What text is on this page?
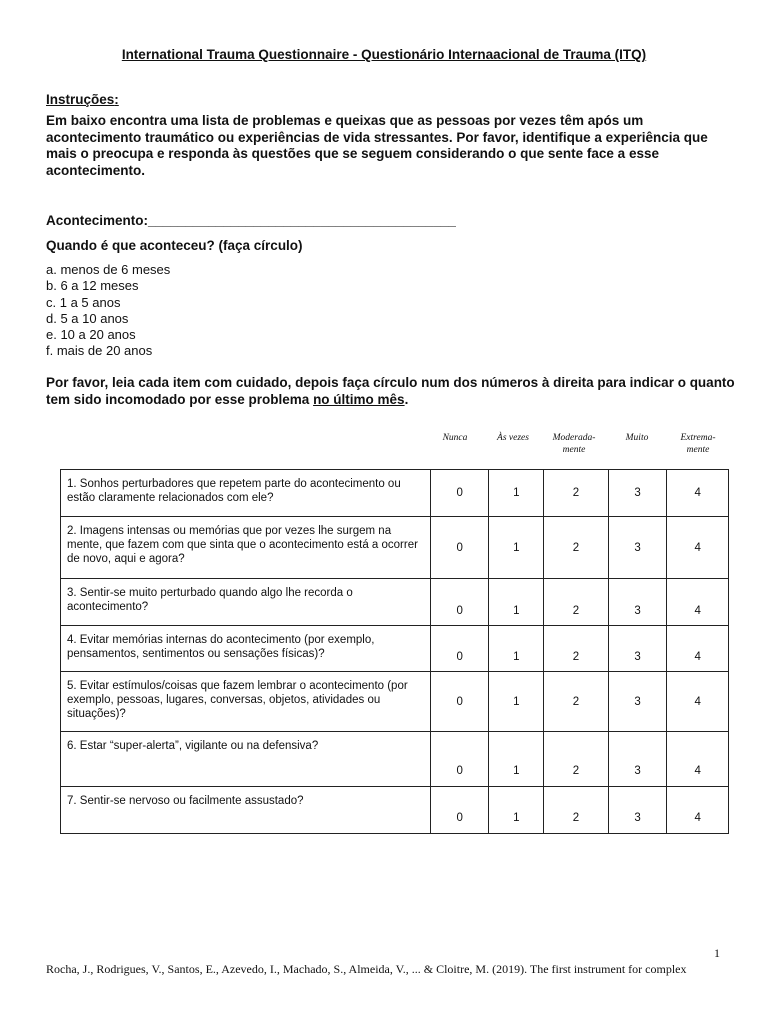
International Trauma Questionnaire - Questionário Internaacional de Trauma (ITQ)
Instruções:
Em baixo encontra uma lista de problemas e queixas que as pessoas por vezes têm após um acontecimento traumático ou experiências de vida stressantes. Por favor, identifique a experiência que mais o preocupa e responda às questões que se seguem considerando o que sente face a esse acontecimento.
Acontecimento:_________________________________________
Quando é que aconteceu? (faça círculo)
a. menos de 6 meses
b. 6 a 12 meses
c. 1 a 5 anos
d. 5 a 10 anos
e. 10 a 20 anos
f. mais de 20 anos
Por favor, leia cada item com cuidado, depois faça círculo num dos números à direita para indicar o quanto tem sido incomodado por esse problema no último mês.
Nunca	Às vezes	Moderada-
mente
Muito	Extrema-
mente
1. Sonhos perturbadores que repetem parte do acontecimento ou estão claramente relacionados com ele?	0	1	2	3	4
2. Imagens intensas ou memórias que por vezes lhe surgem na mente, que fazem com que sinta que o acontecimento está a ocorrer de novo, aqui e agora?	0	1	2	3	4
3. Sentir-se muito perturbado quando algo lhe recorda o acontecimento?	0	1	2	3	4
4. Evitar memórias internas do acontecimento (por exemplo, pensamentos, sentimentos ou sensações físicas)?	0	1	2	3	4
5. Evitar estímulos/coisas que fazem lembrar o acontecimento (por exemplo, pessoas, lugares, conversas, objetos, atividades ou situações)?	0	1	2	3	4
6. Estar “super-alerta”, vigilante ou na defensiva?	0	1	2	3	4
7. Sentir-se nervoso ou facilmente assustado?	0	1	2	3	4
1
Rocha, J., Rodrigues, V., Santos, E., Azevedo, I., Machado, S., Almeida, V., ... & Cloitre, M. (2019). The first instrument for complex
